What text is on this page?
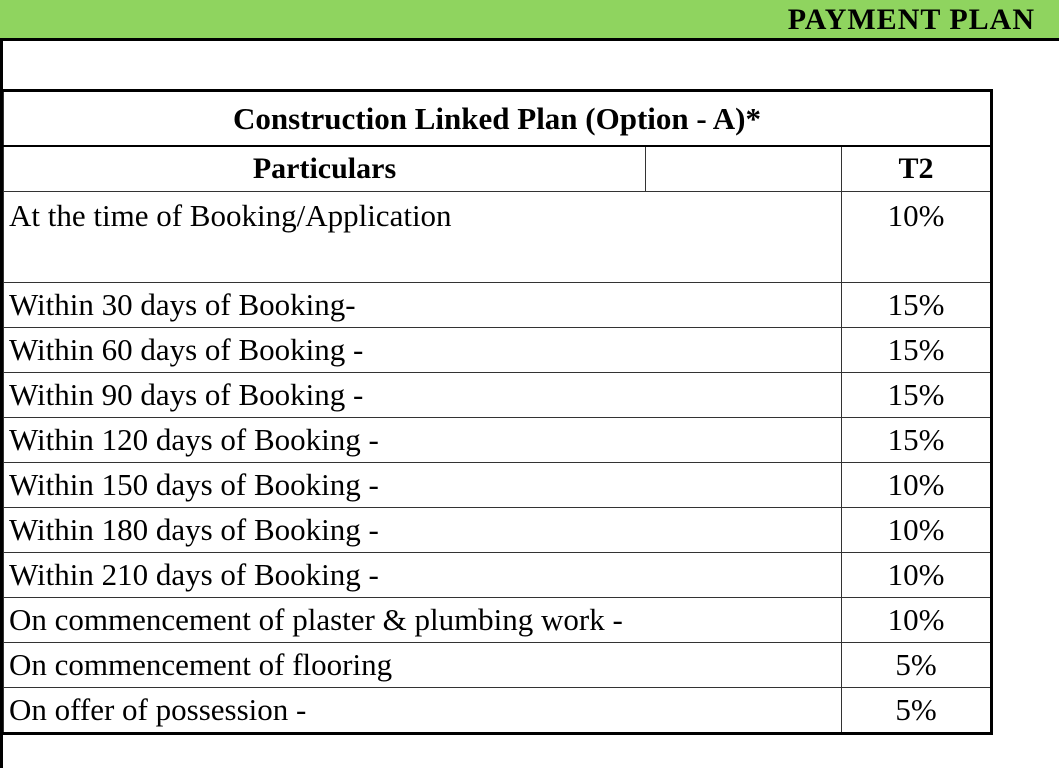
PAYMENT PLAN
Construction Linked Plan (Option - A)*		
Particulars		T2
At the time of Booking/Application		10%
Within 30 days of Booking-		15%
Within 60 days of Booking -		15%
Within 90 days of Booking -		15%
Within 120 days of Booking -		15%
Within 150 days of Booking -		10%
Within 180 days of Booking -		10%
Within 210 days of Booking -		10%
On commencement of plaster & plumbing work -		10%
On commencement of flooring		5%
On offer of possession -		5%
